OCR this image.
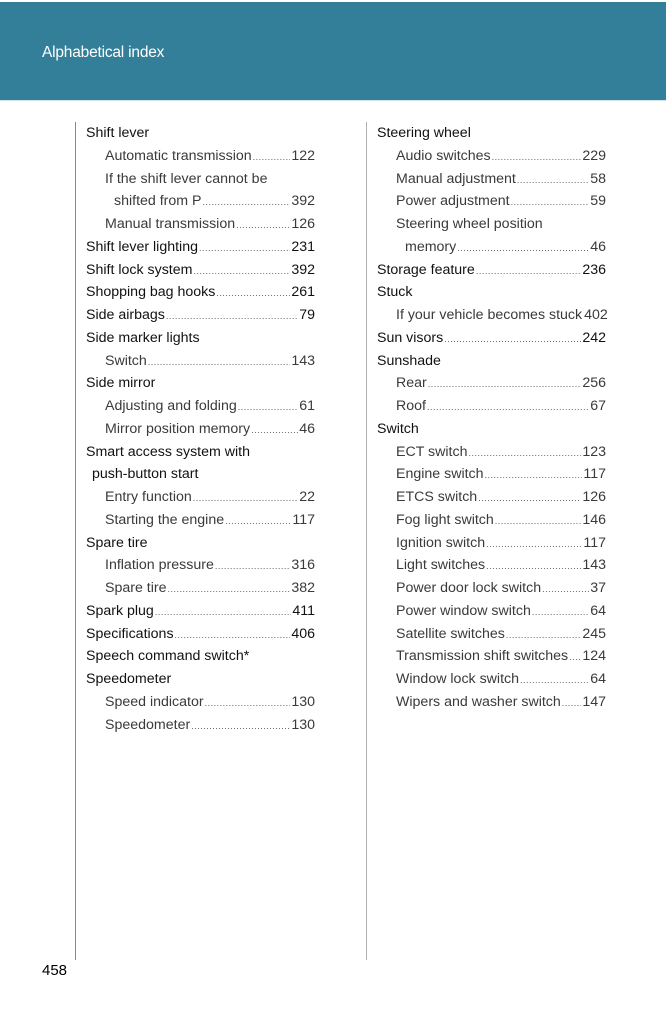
Alphabetical index
Shift lever
Automatic transmission .....	122
If the shift lever cannot be
shifted from P .....	392
Manual transmission .....	126
Shift lever lighting .....	231
Shift lock system .....	392
Shopping bag hooks .....	261
Side airbags .....	79
Side marker lights
Switch .....	143
Side mirror
Adjusting and folding .....	61
Mirror position memory .....	46
Smart access system with
push-button start
Entry function .....	22
Starting the engine .....	117
Spare tire
Inflation pressure .....	316
Spare tire .....	382
Spark plug .....	411
Specifications .....	406
Speech command switch*
Speedometer
Speed indicator .....	130
Speedometer .....	130
Steering wheel
Audio switches .....	229
Manual adjustment .....	58
Power adjustment .....	59
Steering wheel position
memory .....	46
Storage feature .....	236
Stuck
If your vehicle becomes stuck 402
Sun visors .....	242
Sunshade
Rear .....	256
Roof .....	67
Switch
ECT switch .....	123
Engine switch .....	117
ETCS switch .....	126
Fog light switch .....	146
Ignition switch .....	117
Light switches .....	143
Power door lock switch .....	37
Power window switch .....	64
Satellite switches .....	245
Transmission shift switches ..... 124
Window lock switch .....	64
Wipers and washer switch ..... 147
458
